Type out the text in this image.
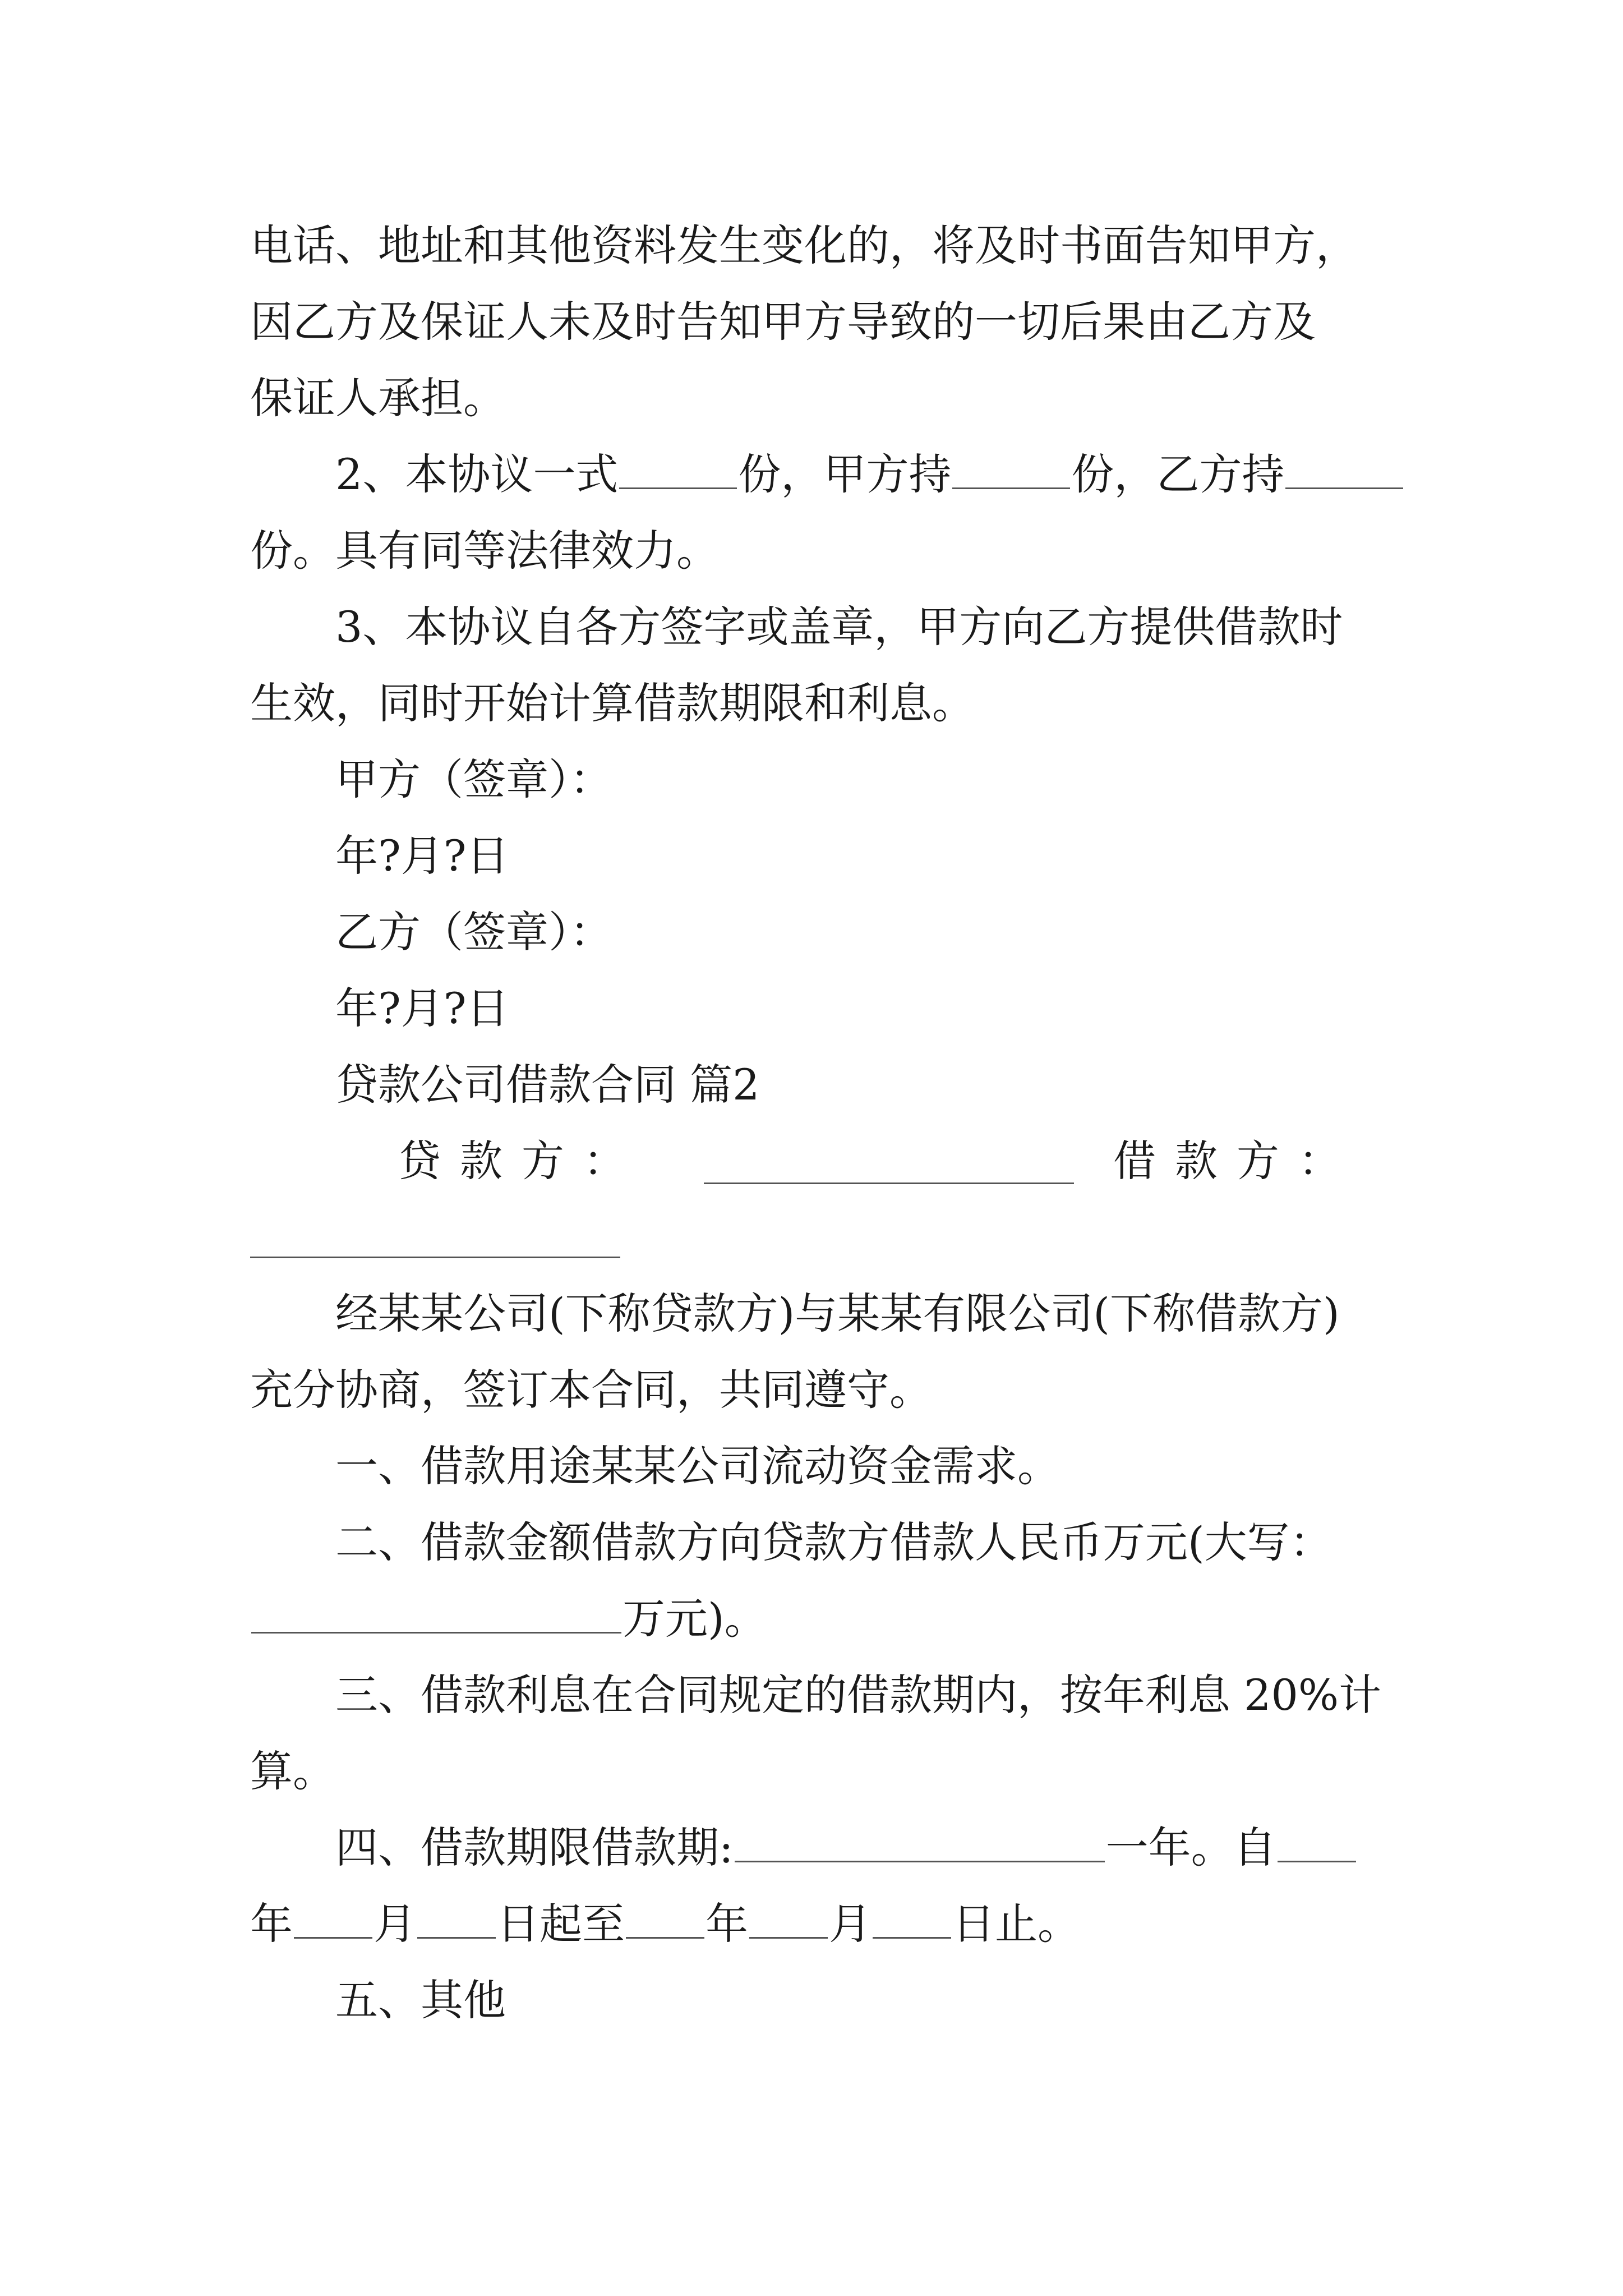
电话、地址和其他资料发生变化的，将及时书面告知甲方，
因乙方及保证人未及时告知甲方导致的一切后果由乙方及
保证人承担。
2、本协议一式	份，甲方持	份，乙方持
份。具有同等法律效力。
3、本协议自各方签字或盖章，甲方向乙方提供借款时
生效，同时开始计算借款期限和利息。
甲方（签章）：
年?月?日
乙方（签章）：
年?月?日
贷款公司借款合同 篇2
贷款方：	借款方：
经某某公司(下称贷款方)与某某有限公司(下称借款方)
充分协商，签订本合同，共同遵守。
一、借款用途某某公司流动资金需求。
二、借款金额借款方向贷款方借款人民币万元(大写：
万元)。
三、借款利息在合同规定的借款期内，按年利息 20%计
算。
四、借款期限借款期:	一年。自
年 月 日起至 年 月 日止。
五、其他
